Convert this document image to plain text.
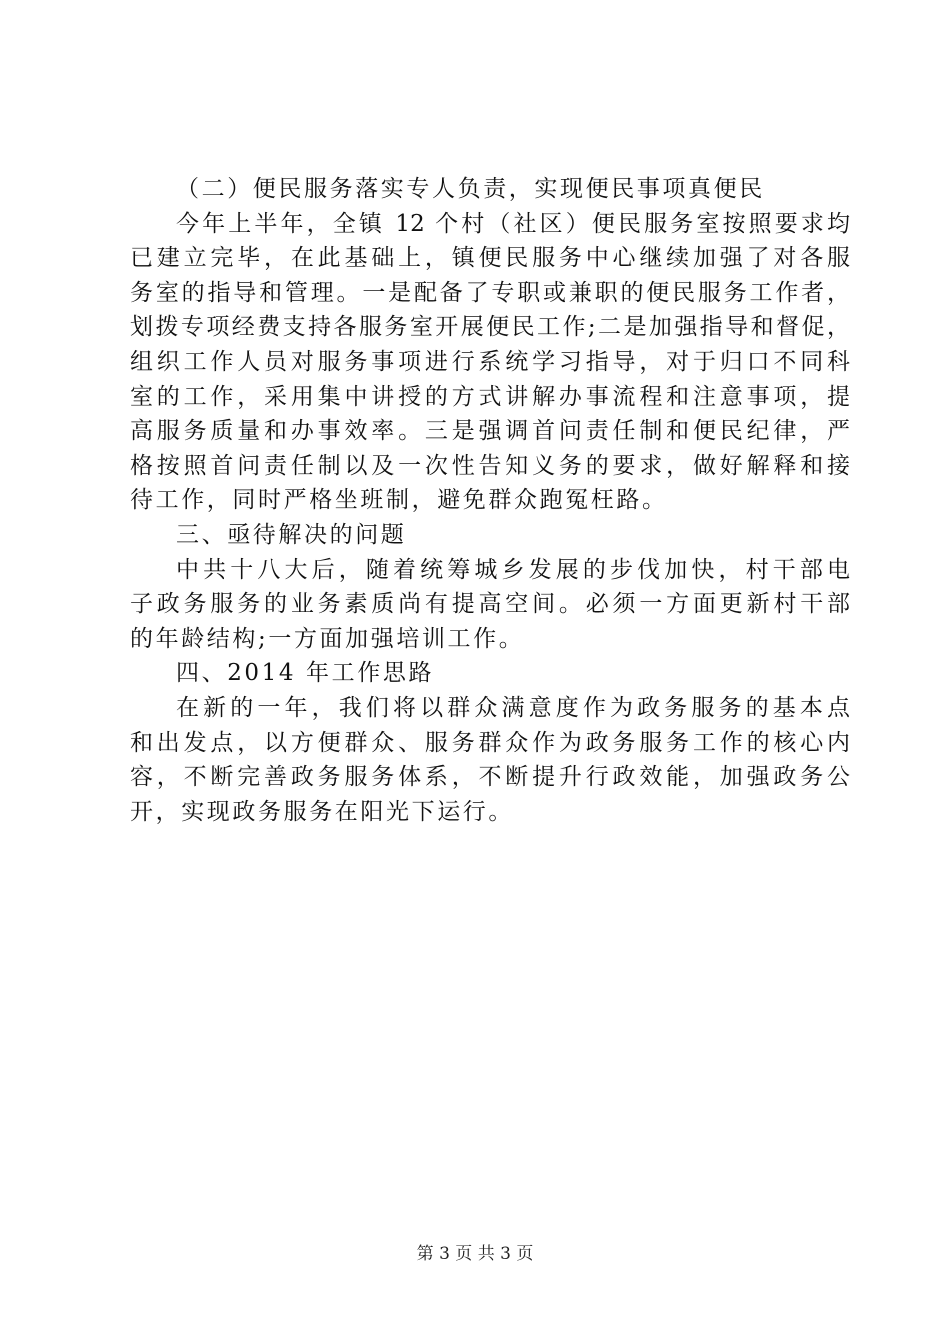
（二）便民服务落实专人负责，实现便民事项真便民
今年上半年，全镇 12 个村（社区）便民服务室按照要求均
已建立完毕，在此基础上，镇便民服务中心继续加强了对各服
务室的指导和管理。一是配备了专职或兼职的便民服务工作者，
划拨专项经费支持各服务室开展便民工作;二是加强指导和督促，
组织工作人员对服务事项进行系统学习指导，对于归口不同科
室的工作，采用集中讲授的方式讲解办事流程和注意事项，提
高服务质量和办事效率。三是强调首问责任制和便民纪律，严
格按照首问责任制以及一次性告知义务的要求，做好解释和接
待工作，同时严格坐班制，避免群众跑冤枉路。
三、亟待解决的问题
中共十八大后，随着统筹城乡发展的步伐加快，村干部电
子政务服务的业务素质尚有提高空间。必须一方面更新村干部
的年龄结构;一方面加强培训工作。
四、2014 年工作思路
在新的一年，我们将以群众满意度作为政务服务的基本点
和出发点，以方便群众、服务群众作为政务服务工作的核心内
容，不断完善政务服务体系，不断提升行政效能，加强政务公
开，实现政务服务在阳光下运行。
第 3 页 共 3 页
